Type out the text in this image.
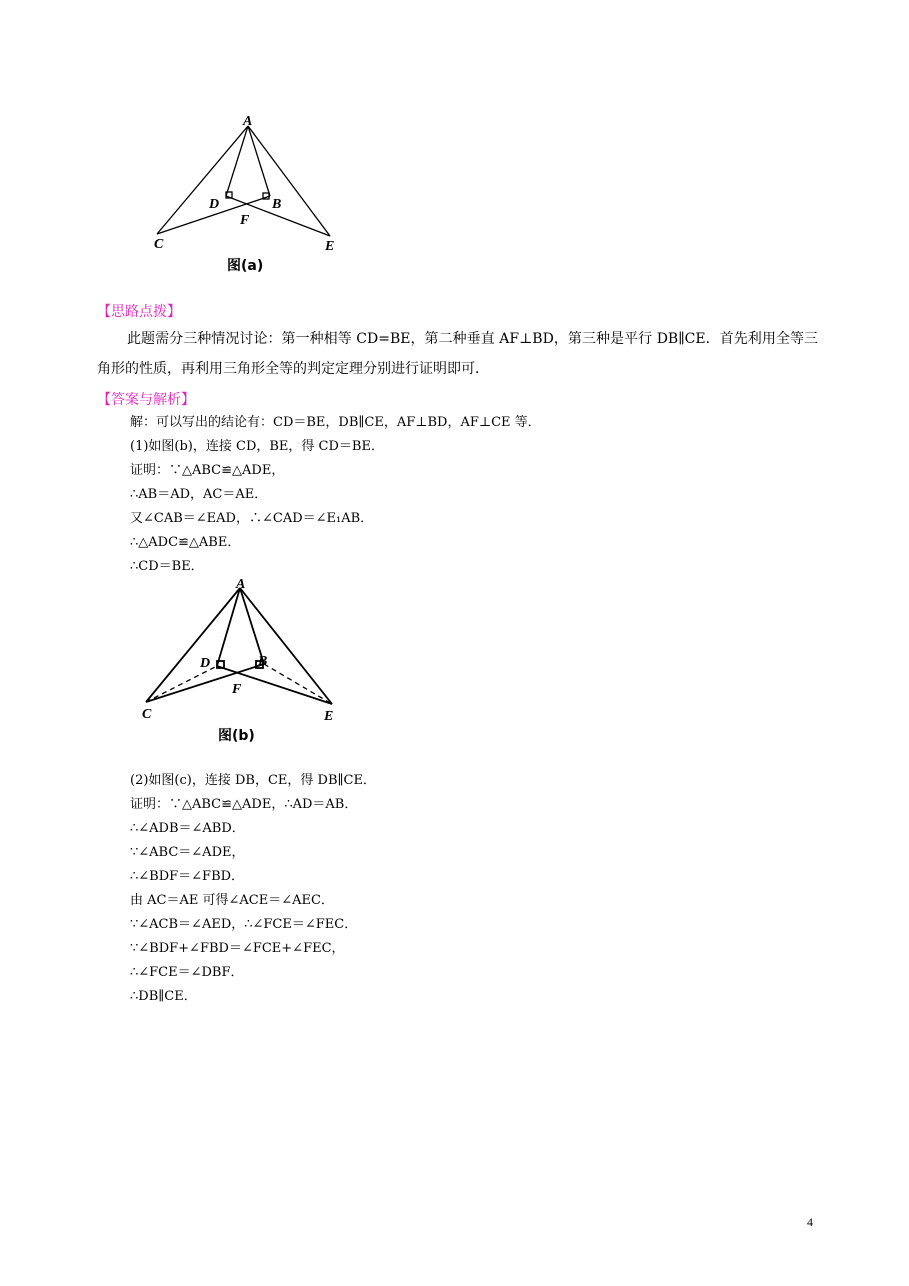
A
D	B
F
C	E
图(a)
【思路点拨】
此题需分三种情况讨论：第一种相等 CD=BE，第二种垂直 AF⊥BD，第三种是平行 DB∥CE．首先利用全等三角形的性质，再利用三角形全等的判定定理分别进行证明即可．
【答案与解析】
解：可以写出的结论有：CD＝BE，DB∥CE，AF⊥BD，AF⊥CE 等．
(1)如图(b)，连接 CD，BE，得 CD＝BE．
证明：∵△ABC≌△ADE，
∴AB＝AD，AC＝AE．
又∠CAB＝∠EAD，∴∠CAD＝∠E₁AB．
∴△ADC≌△ABE．
∴CD＝BE．
A
D	B
F
C	E
图(b)
(2)如图(c)，连接 DB，CE，得 DB∥CE．
证明：∵△ABC≌△ADE，∴AD＝AB．
∴∠ADB＝∠ABD．
∵∠ABC＝∠ADE，
∴∠BDF＝∠FBD．
由 AC＝AE 可得∠ACE＝∠AEC．
∵∠ACB＝∠AED，∴∠FCE＝∠FEC．
∵∠BDF+∠FBD＝∠FCE+∠FEC，
∴∠FCE＝∠DBF．
∴DB∥CE．
4
